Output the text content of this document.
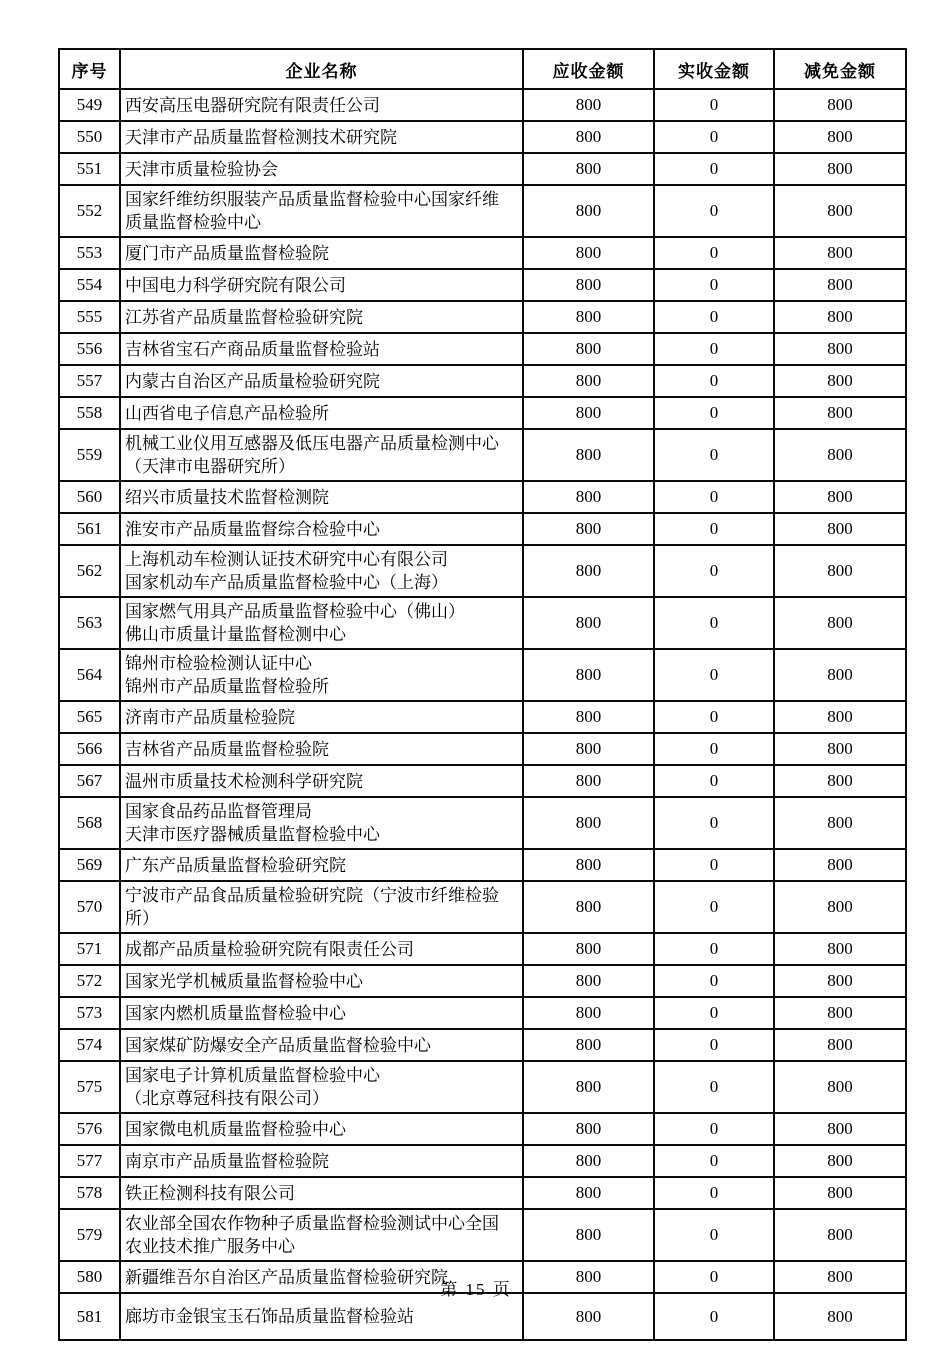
序号	企业名称	应收金额	实收金额	减免金额
549	西安高压电器研究院有限责任公司	800	0	800
550	天津市产品质量监督检测技术研究院	800	0	800
551	天津市质量检验协会	800	0	800
552	国家纤维纺织服装产品质量监督检验中心国家纤维
质量监督检验中心	800	0	800
553	厦门市产品质量监督检验院	800	0	800
554	中国电力科学研究院有限公司	800	0	800
555	江苏省产品质量监督检验研究院	800	0	800
556	吉林省宝石产商品质量监督检验站	800	0	800
557	内蒙古自治区产品质量检验研究院	800	0	800
558	山西省电子信息产品检验所	800	0	800
559	机械工业仪用互感器及低压电器产品质量检测中心
（天津市电器研究所）	800	0	800
560	绍兴市质量技术监督检测院	800	0	800
561	淮安市产品质量监督综合检验中心	800	0	800
562	上海机动车检测认证技术研究中心有限公司
国家机动车产品质量监督检验中心（上海）	800	0	800
563	国家燃气用具产品质量监督检验中心（佛山）
佛山市质量计量监督检测中心	800	0	800
564	锦州市检验检测认证中心
锦州市产品质量监督检验所	800	0	800
565	济南市产品质量检验院	800	0	800
566	吉林省产品质量监督检验院	800	0	800
567	温州市质量技术检测科学研究院	800	0	800
568	国家食品药品监督管理局
天津市医疗器械质量监督检验中心	800	0	800
569	广东产品质量监督检验研究院	800	0	800
570	宁波市产品食品质量检验研究院（宁波市纤维检验
所）	800	0	800
571	成都产品质量检验研究院有限责任公司	800	0	800
572	国家光学机械质量监督检验中心	800	0	800
573	国家内燃机质量监督检验中心	800	0	800
574	国家煤矿防爆安全产品质量监督检验中心	800	0	800
575	国家电子计算机质量监督检验中心
（北京尊冠科技有限公司）	800	0	800
576	国家微电机质量监督检验中心	800	0	800
577	南京市产品质量监督检验院	800	0	800
578	铁正检测科技有限公司	800	0	800
579	农业部全国农作物种子质量监督检验测试中心全国
农业技术推广服务中心	800	0	800
580	新疆维吾尔自治区产品质量监督检验研究院	800	0	800
581	廊坊市金银宝玉石饰品质量监督检验站	800	0	800
第 15 页
